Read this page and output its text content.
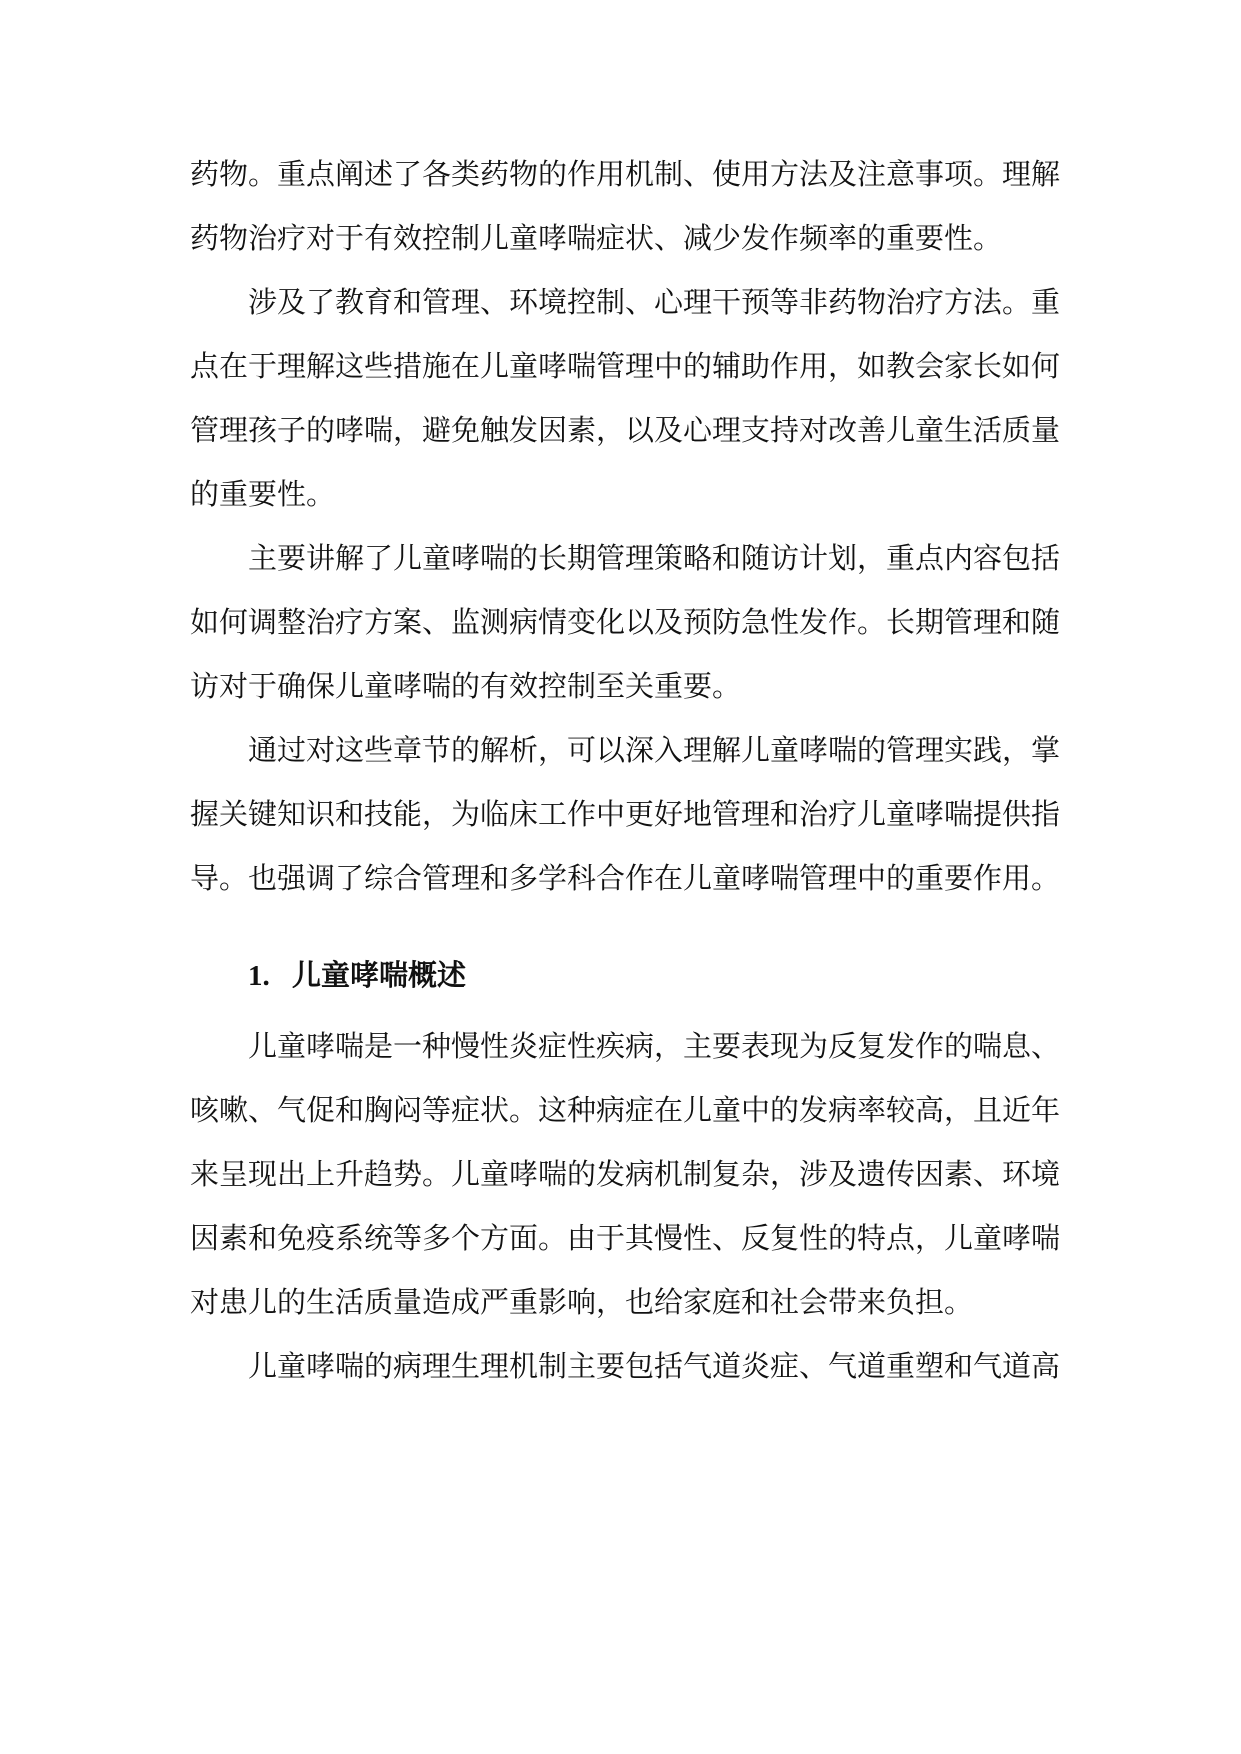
药物。重点阐述了各类药物的作用机制、使用方法及注意事项。理解药物治疗对于有效控制儿童哮喘症状、减少发作频率的重要性。

涉及了教育和管理、环境控制、心理干预等非药物治疗方法。重点在于理解这些措施在儿童哮喘管理中的辅助作用，如教会家长如何管理孩子的哮喘，避免触发因素，以及心理支持对改善儿童生活质量的重要性。

主要讲解了儿童哮喘的长期管理策略和随访计划，重点内容包括如何调整治疗方案、监测病情变化以及预防急性发作。长期管理和随访对于确保儿童哮喘的有效控制至关重要。

通过对这些章节的解析，可以深入理解儿童哮喘的管理实践，掌握关键知识和技能，为临床工作中更好地管理和治疗儿童哮喘提供指导。也强调了综合管理和多学科合作在儿童哮喘管理中的重要作用。

1. 儿童哮喘概述

儿童哮喘是一种慢性炎症性疾病，主要表现为反复发作的喘息、咳嗽、气促和胸闷等症状。这种病症在儿童中的发病率较高，且近年来呈现出上升趋势。儿童哮喘的发病机制复杂，涉及遗传因素、环境因素和免疫系统等多个方面。由于其慢性、反复性的特点，儿童哮喘对患儿的生活质量造成严重影响，也给家庭和社会带来负担。

儿童哮喘的病理生理机制主要包括气道炎症、气道重塑和气道高
